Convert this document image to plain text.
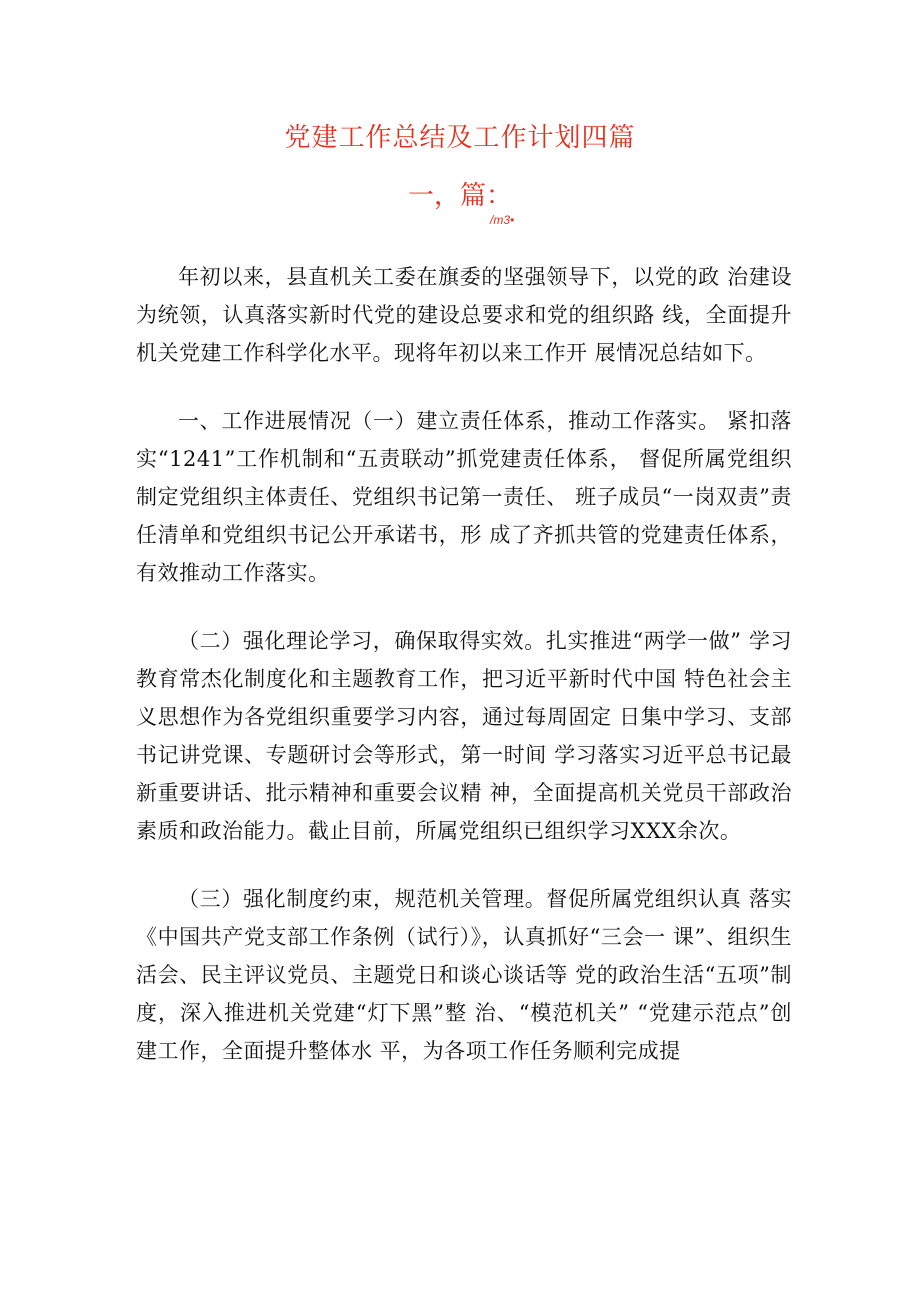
党建工作总结及工作计划四篇
一，篇：
/m3•

年初以来，县直机关工委在旗委的坚强领导下，以党的政 治建设为统领，认真落实新时代党的建设总要求和党的组织路 线，全面提升机关党建工作科学化水平。现将年初以来工作开 展情况总结如下。

一、工作进展情况（一）建立责任体系，推动工作落实。 紧扣落实“1241”工作机制和“五责联动”抓党建责任体系， 督促所属党组织制定党组织主体责任、党组织书记第一责任、 班子成员“一岗双责”责任清单和党组织书记公开承诺书，形 成了齐抓共管的党建责任体系，有效推动工作落实。

（二）强化理论学习，确保取得实效。扎实推进“两学一做” 学习教育常杰化制度化和主题教育工作，把习近平新时代中国 特色社会主义思想作为各党组织重要学习内容，通过每周固定 日集中学习、支部书记讲党课、专题研讨会等形式，第一时间 学习落实习近平总书记最新重要讲话、批示精神和重要会议精 神，全面提高机关党员干部政治素质和政治能力。截止目前，所属党组织已组织学习XXX余次。

（三）强化制度约束，规范机关管理。督促所属党组织认真 落实《中国共产党支部工作条例（试行）》，认真抓好“三会一 课”、组织生活会、民主评议党员、主题党日和谈心谈话等 党的政治生活“五项”制度，深入推进机关党建“灯下黑”整 治、“模范机关” “党建示范点”创建工作，全面提升整体水 平，为各项工作任务顺利完成提
